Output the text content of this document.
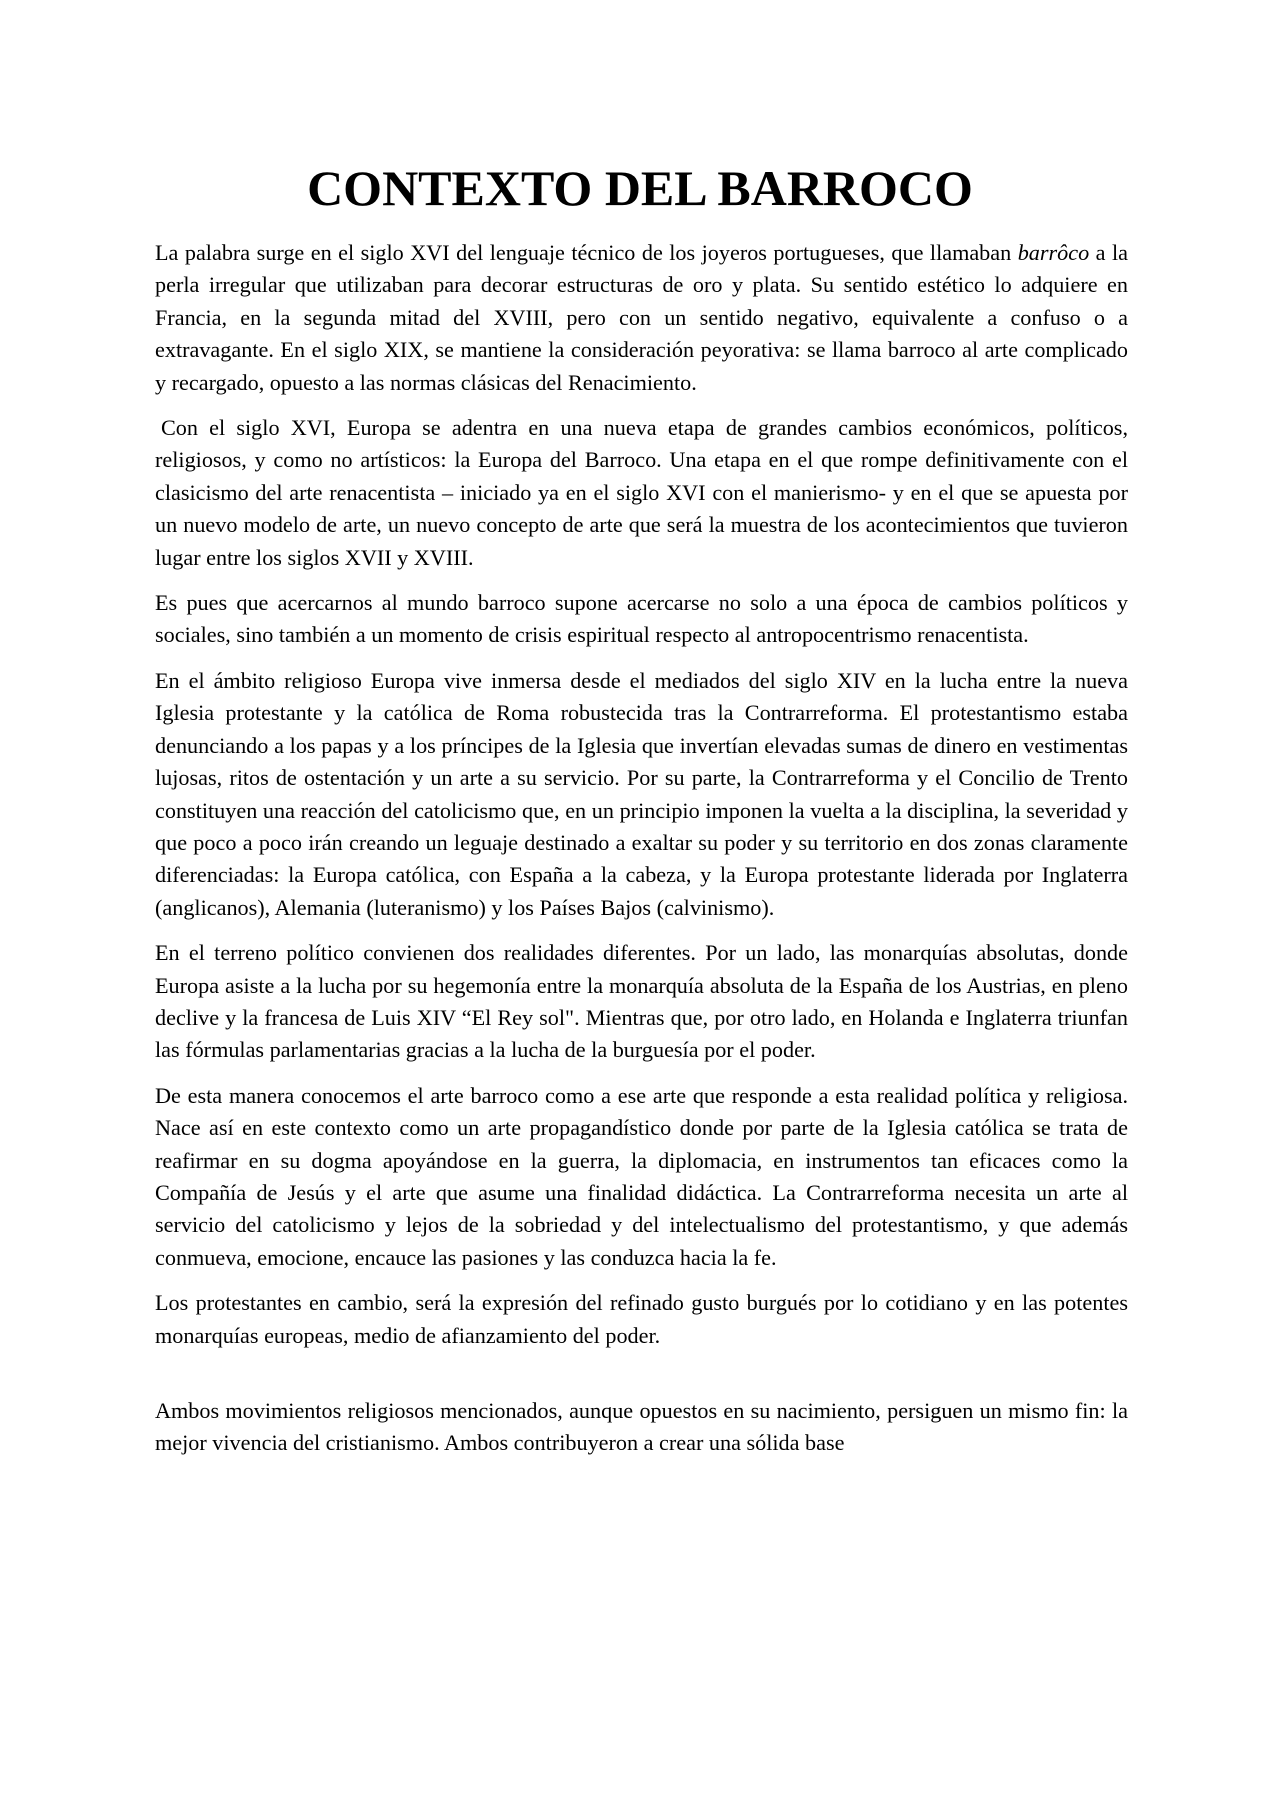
CONTEXTO DEL BARROCO

La palabra surge en el siglo XVI del lenguaje técnico de los joyeros portugueses, que llamaban barrôco a la perla irregular que utilizaban para decorar estructuras de oro y plata. Su sentido estético lo adquiere en Francia, en la segunda mitad del XVIII, pero con un sentido negativo, equivalente a confuso o a extravagante. En el siglo XIX, se mantiene la consideración peyorativa: se llama barroco al arte complicado y recargado, opuesto a las normas clásicas del Renacimiento.

Con el siglo XVI, Europa se adentra en una nueva etapa de grandes cambios económicos, políticos, religiosos, y como no artísticos: la Europa del Barroco. Una etapa en el que rompe definitivamente con el clasicismo del arte renacentista – iniciado ya en el siglo XVI con el manierismo- y en el que se apuesta por un nuevo modelo de arte, un nuevo concepto de arte que será la muestra de los acontecimientos que tuvieron lugar entre los siglos XVII y XVIII.

Es pues que acercarnos al mundo barroco supone acercarse no solo a una época de cambios políticos y sociales, sino también a un momento de crisis espiritual respecto al antropocentrismo renacentista.

En el ámbito religioso Europa vive inmersa desde el mediados del siglo XIV en la lucha entre la nueva Iglesia protestante y la católica de Roma robustecida tras la Contrarreforma. El protestantismo estaba denunciando a los papas y a los príncipes de la Iglesia que invertían elevadas sumas de dinero en vestimentas lujosas, ritos de ostentación y un arte a su servicio. Por su parte, la Contrarreforma y el Concilio de Trento constituyen una reacción del catolicismo que, en un principio imponen la vuelta a la disciplina, la severidad y que poco a poco irán creando un leguaje destinado a exaltar su poder y su territorio en dos zonas claramente diferenciadas: la Europa católica, con España a la cabeza, y la Europa protestante liderada por Inglaterra (anglicanos), Alemania (luteranismo) y los Países Bajos (calvinismo).

En el terreno político convienen dos realidades diferentes. Por un lado, las monarquías absolutas, donde Europa asiste a la lucha por su hegemonía entre la monarquía absoluta de la España de los Austrias, en pleno declive y la francesa de Luis XIV “El Rey sol". Mientras que, por otro lado, en Holanda e Inglaterra triunfan las fórmulas parlamentarias gracias a la lucha de la burguesía por el poder.

De esta manera conocemos el arte barroco como a ese arte que responde a esta realidad política y religiosa. Nace así en este contexto como un arte propagandístico donde por parte de la Iglesia católica se trata de reafirmar en su dogma apoyándose en la guerra, la diplomacia, en instrumentos tan eficaces como la Compañía de Jesús y el arte que asume una finalidad didáctica. La Contrarreforma necesita un arte al servicio del catolicismo y lejos de la sobriedad y del intelectualismo del protestantismo, y que además conmueva, emocione, encauce las pasiones y las conduzca hacia la fe.

Los protestantes en cambio, será la expresión del refinado gusto burgués por lo cotidiano y en las potentes monarquías europeas, medio de afianzamiento del poder.

Ambos movimientos religiosos mencionados, aunque opuestos en su nacimiento, persiguen un mismo fin: la mejor vivencia del cristianismo. Ambos contribuyeron a crear una sólida base
